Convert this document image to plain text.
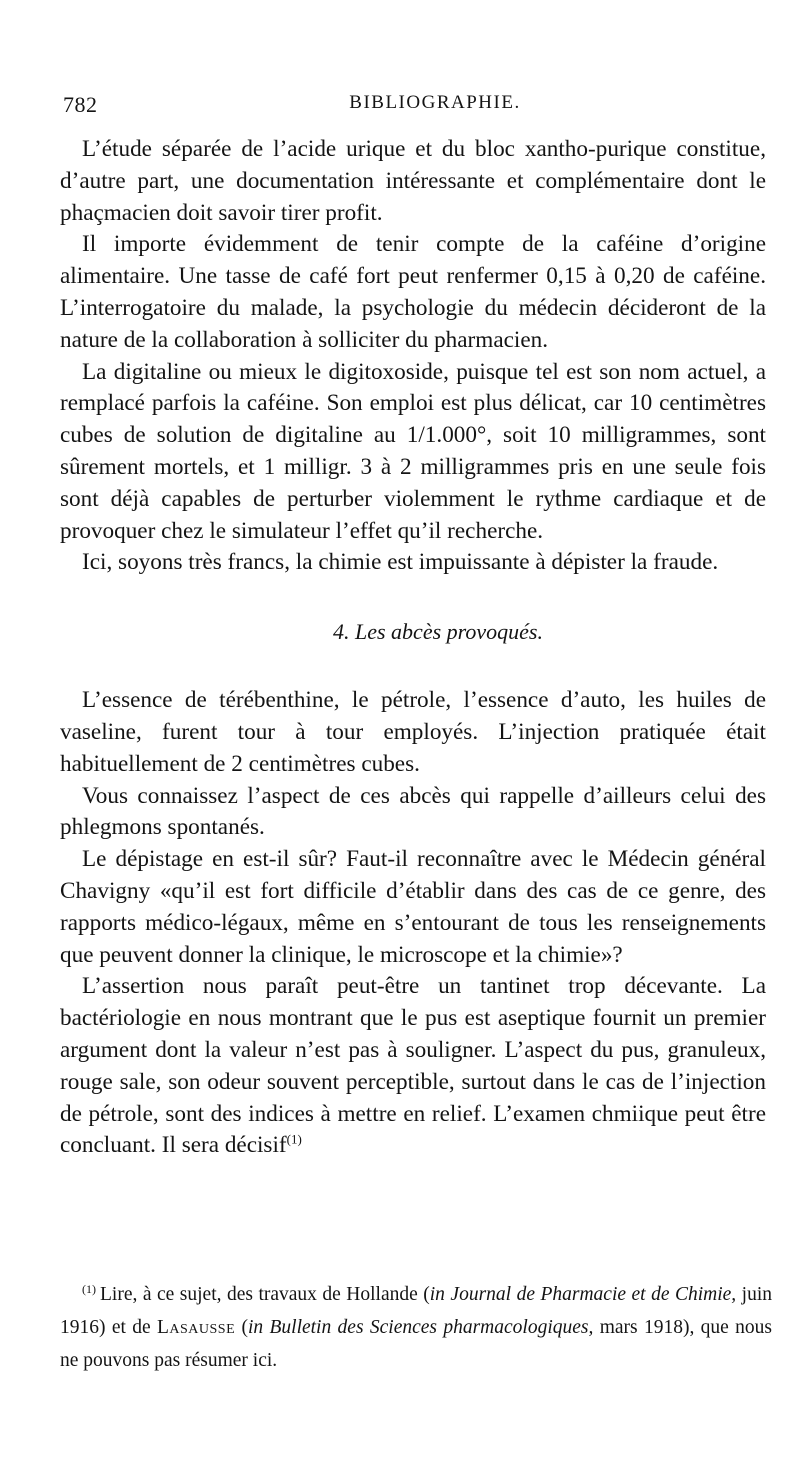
782	BIBLIOGRAPHIE.

L’étude séparée de l’acide urique et du bloc xantho-purique constitue, d’autre part, une documentation intéressante et complémentaire dont le phaçmacien doit savoir tirer profit.

Il importe évidemment de tenir compte de la caféine d’origine alimentaire. Une tasse de café fort peut renfermer 0,15 à 0,20 de caféine. L’interrogatoire du malade, la psychologie du médecin décideront de la nature de la collaboration à solliciter du pharmacien.

La digitaline ou mieux le digitoxoside, puisque tel est son nom actuel, a remplacé parfois la caféine. Son emploi est plus délicat, car 10 centimètres cubes de solution de digitaline au 1/1.000°, soit 10 milligrammes, sont sûrement mortels, et 1 milligr. 3 à 2 milligrammes pris en une seule fois sont déjà capables de perturber violemment le rythme cardiaque et de provoquer chez le simulateur l’effet qu’il recherche.

Ici, soyons très francs, la chimie est impuissante à dépister la fraude.

4. Les abcès provoqués.

L’essence de térébenthine, le pétrole, l’essence d’auto, les huiles de vaseline, furent tour à tour employés. L’injection pratiquée était habituellement de 2 centimètres cubes.

Vous connaissez l’aspect de ces abcès qui rappelle d’ailleurs celui des phlegmons spontanés.

Le dépistage en est-il sûr? Faut-il reconnaître avec le Médecin général Chavigny «qu’il est fort difficile d’établir dans des cas de ce genre, des rapports médico-légaux, même en s’entourant de tous les renseignements que peuvent donner la clinique, le microscope et la chimie»?

L’assertion nous paraît peut-être un tantinet trop décevante. La bactériologie en nous montrant que le pus est aseptique fournit un premier argument dont la valeur n’est pas à souligner. L’aspect du pus, granuleux, rouge sale, son odeur souvent perceptible, surtout dans le cas de l’injection de pétrole, sont des indices à mettre en relief. L’examen chmiique peut être concluant. Il sera décisif$^{(1)}$

$^{(1)}$ Lire, à ce sujet, des travaux de Hollande (in Journal de Pharmacie et de Chimie, juin 1916) et de Lasausse (in Bulletin des Sciences pharmacologiques, mars 1918), que nous ne pouvons pas résumer ici.
